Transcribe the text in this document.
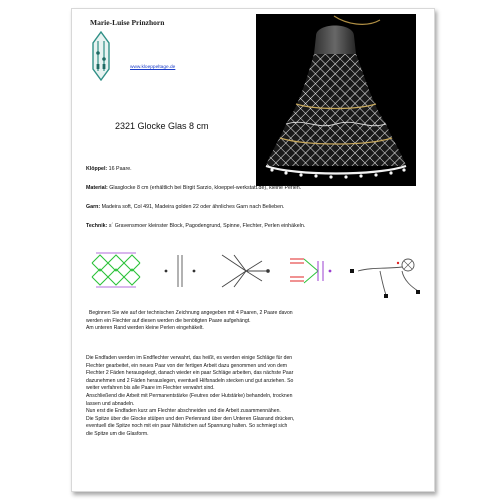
Marie-Luise Prinzhorn
www.kloeppeltage.de
2321 Glocke Glas 8 cm
Klöppel: 16 Paare.
Material: Glasglocke 8 cm (erhältlich bei Birgit Sarzio, kloeppel-werkstatt.de), kleine Perlen.
Garn: Madeira soft, Col 491, Madeira golden 22 oder ähnliches Garn nach Belieben.
Technik: s´ Gravensmoer kleinster Block, Pagodengrund, Spinne, Flechter, Perlen einhäkeln.
Beginnen Sie wie auf der technischen Zeichnung angegeben mit 4 Paaren, 2 Paare davon
werden ein Flechter auf diesen werden die benötigten Paare aufgehängt.
Am unteren Rand werden kleine Perlen eingehäkelt.
Die Endfaden werden im Endflechter verwahrt, das heißt, es werden einige Schläge für den
Flechter gearbeitet, ein neues Paar von der fertigen Arbeit dazu genommen und von dem
Flechter 2 Fäden herausgelegt, danach wieder ein paar Schläge arbeiten, das nächste Paar
dazunehmen und 2 Fäden herauslegen, eventuell Hilfsnadeln stecken und gut anziehen. So
weiter verfahren bis alle Paare im Flechter verwahrt sind.
Anschließend die Arbeit mit Permanentstärke (Feutrex oder Hutstärke) behandeln, trocknen
lassen und abnadeln.
Nun erst die Endfaden kurz am Flechter abschneiden und die Arbeit zusammennähen.
Die Spitze über die Glocke stülpen und den Perlenrand über den Unteren Glasrand drücken,
eventuell die Spitze noch mit ein paar Nähstichen auf Spannung halten. So schmiegt sich
die Spitze um die Glasform.
